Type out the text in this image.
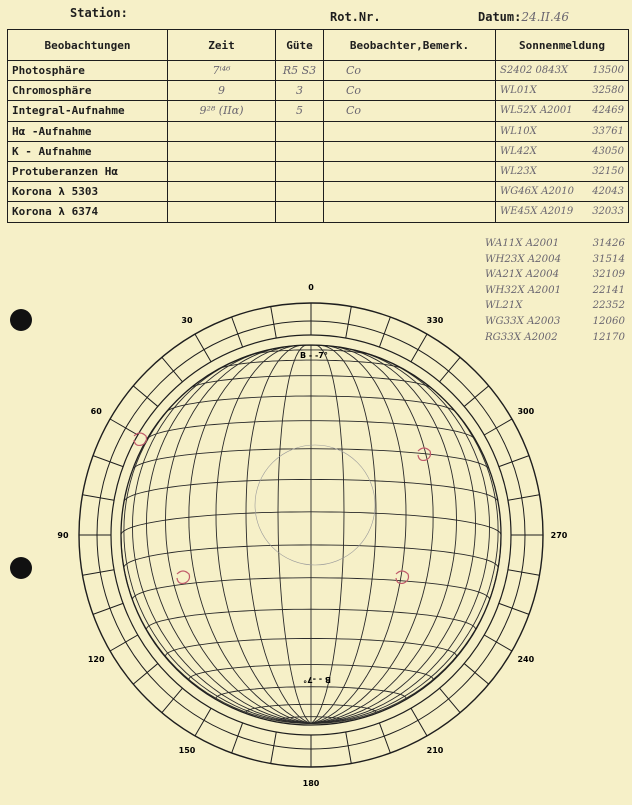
Station:	Rot.Nr.	Datum:24.II.46
Beobachtungen	Zeit	Güte	Beobachter,Bemerk.	Sonnenmeldung
Photosphäre	7ⁱ⁴⁶	R5 S3	Co	S2402 0843X 13500

Chromosphäre	9	3	Co	WL01X 32580

Integral-Aufnahme	9²⁸ (IIα)	5	Co	WL52X A2001 42469

Hα -Aufnahme				WL10X 33761

K - Aufnahme				WL42X 43050

Protuberanzen Hα				WL23X 32150

Korona λ 5303				WG46X A2010 42043

Korona λ 6374				WE45X A2019 32033
WA11X A2001	31426
WH23X A2004	31514
WA21X A2004	32109
WH32X A2001	22141
WL21X	22352
WG33X A2003	12060
RG33X A2002	12170
0
330
300
270
240
210
180
150
120
90
60
30
B - -7°
B - -7°
